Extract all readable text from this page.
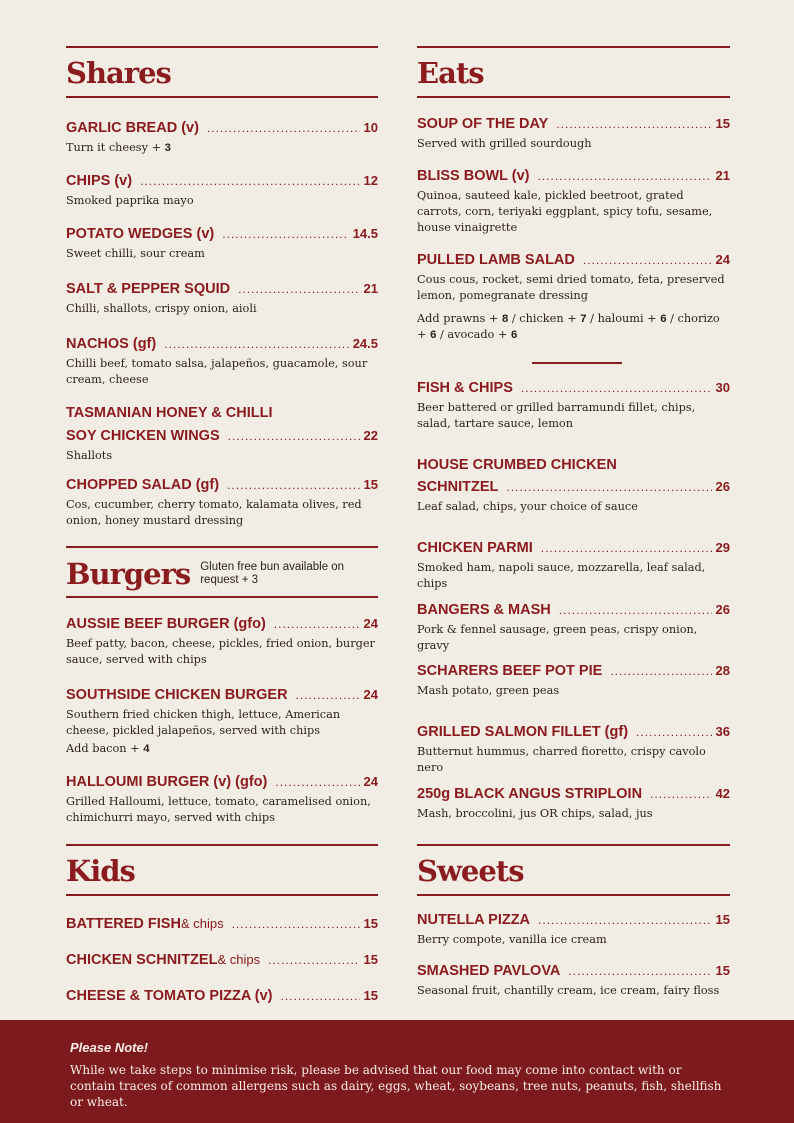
Shares
GARLIC BREAD (v) .....	10
Turn it cheesy + 3
CHIPS (v) .....	12
Smoked paprika mayo
POTATO WEDGES (v) .....	14.5
Sweet chilli, sour cream
SALT & PEPPER SQUID .....	21
Chilli, shallots, crispy onion, aioli
NACHOS (gf) .....	24.5
Chilli beef, tomato salsa, jalapeños, guacamole, sour cream, cheese
TASMANIAN HONEY & CHILLI
SOY CHICKEN WINGS .....	22
Shallots
CHOPPED SALAD (gf) .....	15
Cos, cucumber, cherry tomato, kalamata olives, red onion, honey mustard dressing
Burgers Gluten free bun available on request + 3
AUSSIE BEEF BURGER (gfo) .....	24
Beef patty, bacon, cheese, pickles, fried onion, burger sauce, served with chips
SOUTHSIDE CHICKEN BURGER .....	24
Southern fried chicken thigh, lettuce, American cheese, pickled jalapeños, served with chips
Add bacon + 4
HALLOUMI BURGER (v) (gfo) .....	24
Grilled Halloumi, lettuce, tomato, caramelised onion, chimichurri mayo, served with chips
Kids
BATTERED FISH & chips .....	15
CHICKEN SCHNITZEL & chips .....	15
CHEESE & TOMATO PIZZA (v) .....	15
Eats
SOUP OF THE DAY .....	15
Served with grilled sourdough
BLISS BOWL (v) .....	21
Quinoa, sauteed kale, pickled beetroot, grated carrots, corn, teriyaki eggplant, spicy tofu, sesame, house vinaigrette
PULLED LAMB SALAD .....	24
Cous cous, rocket, semi dried tomato, feta, preserved lemon, pomegranate dressing
Add prawns + 8 / chicken + 7 / haloumi + 6 / chorizo + 6 / avocado + 6
FISH & CHIPS .....	30
Beer battered or grilled barramundi fillet, chips, salad, tartare sauce, lemon
HOUSE CRUMBED CHICKEN
SCHNITZEL .....	26
Leaf salad, chips, your choice of sauce
CHICKEN PARMI .....	29
Smoked ham, napoli sauce, mozzarella, leaf salad, chips
BANGERS & MASH .....	26
Pork & fennel sausage, green peas, crispy onion, gravy
SCHARERS BEEF POT PIE .....	28
Mash potato, green peas
GRILLED SALMON FILLET (gf) .....	36
Butternut hummus, charred fioretto, crispy cavolo nero
250g BLACK ANGUS STRIPLOIN .....	42
Mash, broccolini, jus OR chips, salad, jus
Sweets
NUTELLA PIZZA .....	15
Berry compote, vanilla ice cream
SMASHED PAVLOVA .....	15
Seasonal fruit, chantilly cream, ice cream, fairy floss
Please Note!
While we take steps to minimise risk, please be advised that our food may come into contact with or contain traces of common allergens such as dairy, eggs, wheat, soybeans, tree nuts, peanuts, fish, shellfish or wheat.
